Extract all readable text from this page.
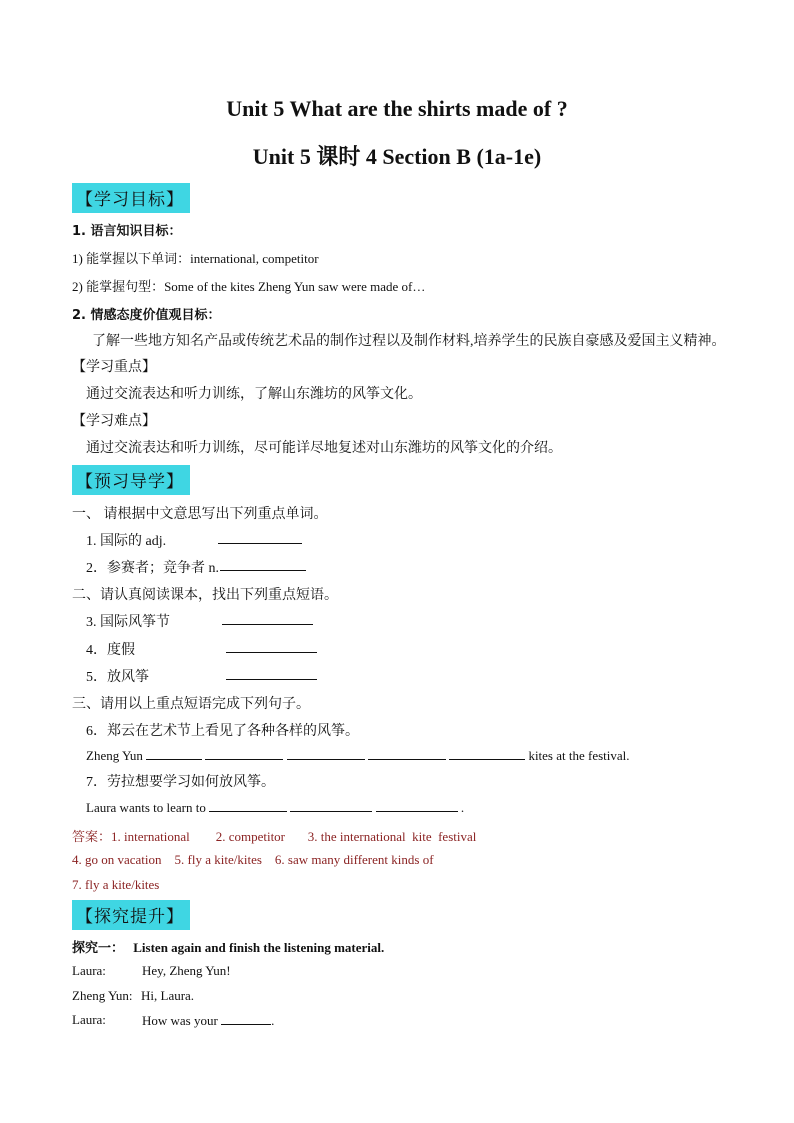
Unit 5 What are the shirts made of ?
Unit 5 课时 4 Section B (1a-1e)
【学习目标】
1. 语言知识目标：
1) 能掌握以下单词：international, competitor
2) 能掌握句型：Some of the kites Zheng Yun saw were made of…
2. 情感态度价值观目标：
了解一些地方知名产品或传统艺术品的制作过程以及制作材料,培养学生的民族自豪感及爱国主义精神。
【学习重点】
通过交流表达和听力训练，了解山东潍坊的风筝文化。
【学习难点】
通过交流表达和听力训练，尽可能详尽地复述对山东潍坊的风筝文化的介绍。
【预习导学】
一、 请根据中文意思写出下列重点单词。
1. 国际的 adj.
2．参赛者；竞争者 n.
二、请认真阅读课本，找出下列重点短语。
3. 国际风筝节
4．度假
5．放风筝
三、请用以上重点短语完成下列句子。
6．郑云在艺术节上看见了各种各样的风筝。
Zheng Yun	kites at the festival.
7．劳拉想要学习如何放风筝。
Laura wants to learn to	.
答案：1. international        2. competitor       3. the international  kite  festival
4. go on vacation    5. fly a kite/kites    6. saw many different kinds of
7. fly a kite/kites
【探究提升】
探究一： Listen again and finish the listening material.
Laura:	Hey, Zheng Yun!
Zheng Yun: Hi, Laura.
Laura:	How was your	.
